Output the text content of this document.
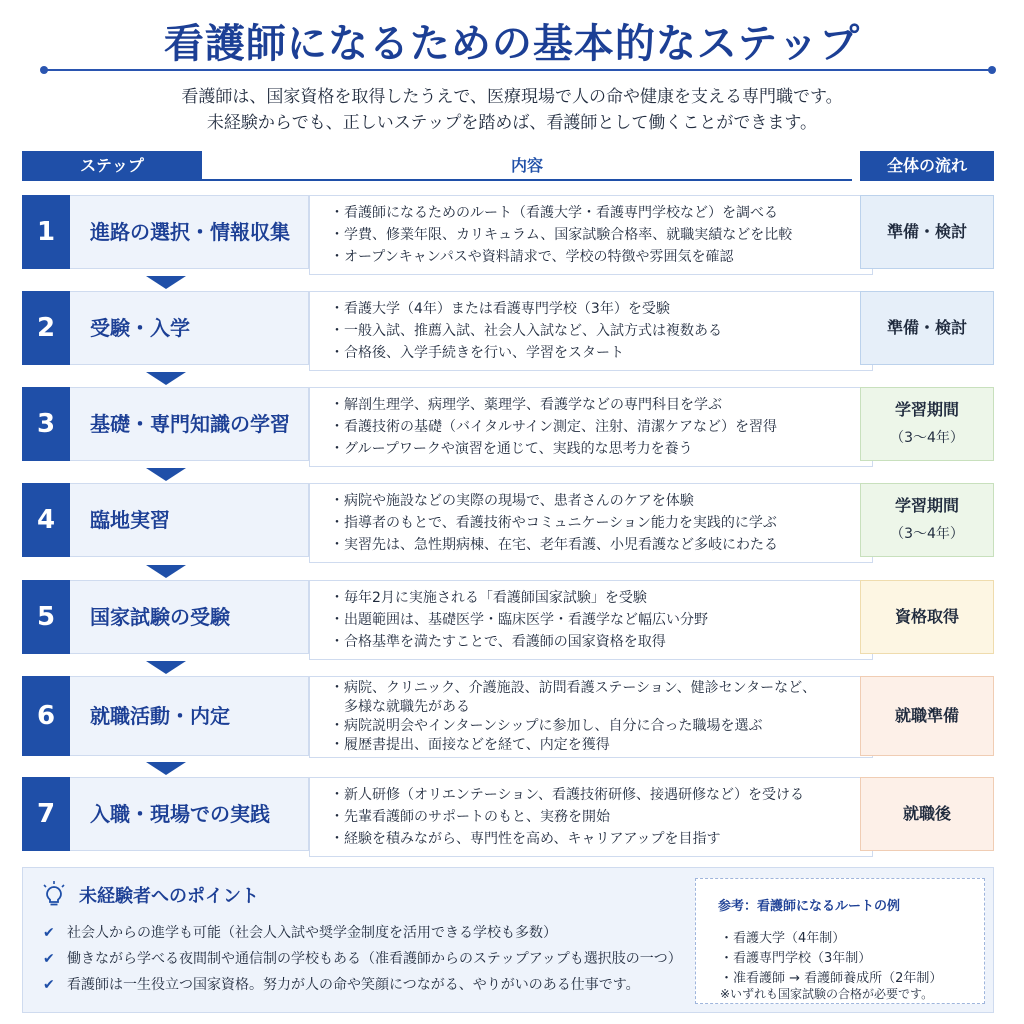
看護師になるための基本的なステップ
看護師は、国家資格を取得したうえで、医療現場で人の命や健康を支える専門職です。
未経験からでも、正しいステップを踏めば、看護師として働くことができます。
ステップ	内容	全体の流れ
1	進路の選択・情報収集
・看護師になるためのルート（看護大学・看護専門学校など）を調べる
・学費、修業年限、カリキュラム、国家試験合格率、就職実績などを比較
・オープンキャンパスや資料請求で、学校の特徴や雰囲気を確認
準備・検討
2	受験・入学
・看護大学（4年）または看護専門学校（3年）を受験
・一般入試、推薦入試、社会人入試など、入試方式は複数ある
・合格後、入学手続きを行い、学習をスタート
準備・検討
3	基礎・専門知識の学習
・解剖生理学、病理学、薬理学、看護学などの専門科目を学ぶ
・看護技術の基礎（バイタルサイン測定、注射、清潔ケアなど）を習得
・グループワークや演習を通じて、実践的な思考力を養う
学習期間
（3〜4年）
4	臨地実習
・病院や施設などの実際の現場で、患者さんのケアを体験
・指導者のもとで、看護技術やコミュニケーション能力を実践的に学ぶ
・実習先は、急性期病棟、在宅、老年看護、小児看護など多岐にわたる
学習期間
（3〜4年）
5	国家試験の受験
・毎年2月に実施される「看護師国家試験」を受験
・出題範囲は、基礎医学・臨床医学・看護学など幅広い分野
・合格基準を満たすことで、看護師の国家資格を取得
資格取得
6	就職活動・内定
・病院、クリニック、介護施設、訪問看護ステーション、健診センターなど、
　多様な就職先がある
・病院説明会やインターンシップに参加し、自分に合った職場を選ぶ
・履歴書提出、面接などを経て、内定を獲得
就職準備
7	入職・現場での実践
・新人研修（オリエンテーション、看護技術研修、接遇研修など）を受ける
・先輩看護師のサポートのもと、実務を開始
・経験を積みながら、専門性を高め、キャリアアップを目指す
就職後
未経験者へのポイント
✔ 社会人からの進学も可能（社会人入試や奨学金制度を活用できる学校も多数）
✔ 働きながら学べる夜間制や通信制の学校もある（准看護師からのステップアップも選択肢の一つ）
✔ 看護師は一生役立つ国家資格。努力が人の命や笑顔につながる、やりがいのある仕事です。
参考：看護師になるルートの例
・看護大学（4年制）
・看護専門学校（3年制）
・准看護師 → 看護師養成所（2年制）
※いずれも国家試験の合格が必要です。
